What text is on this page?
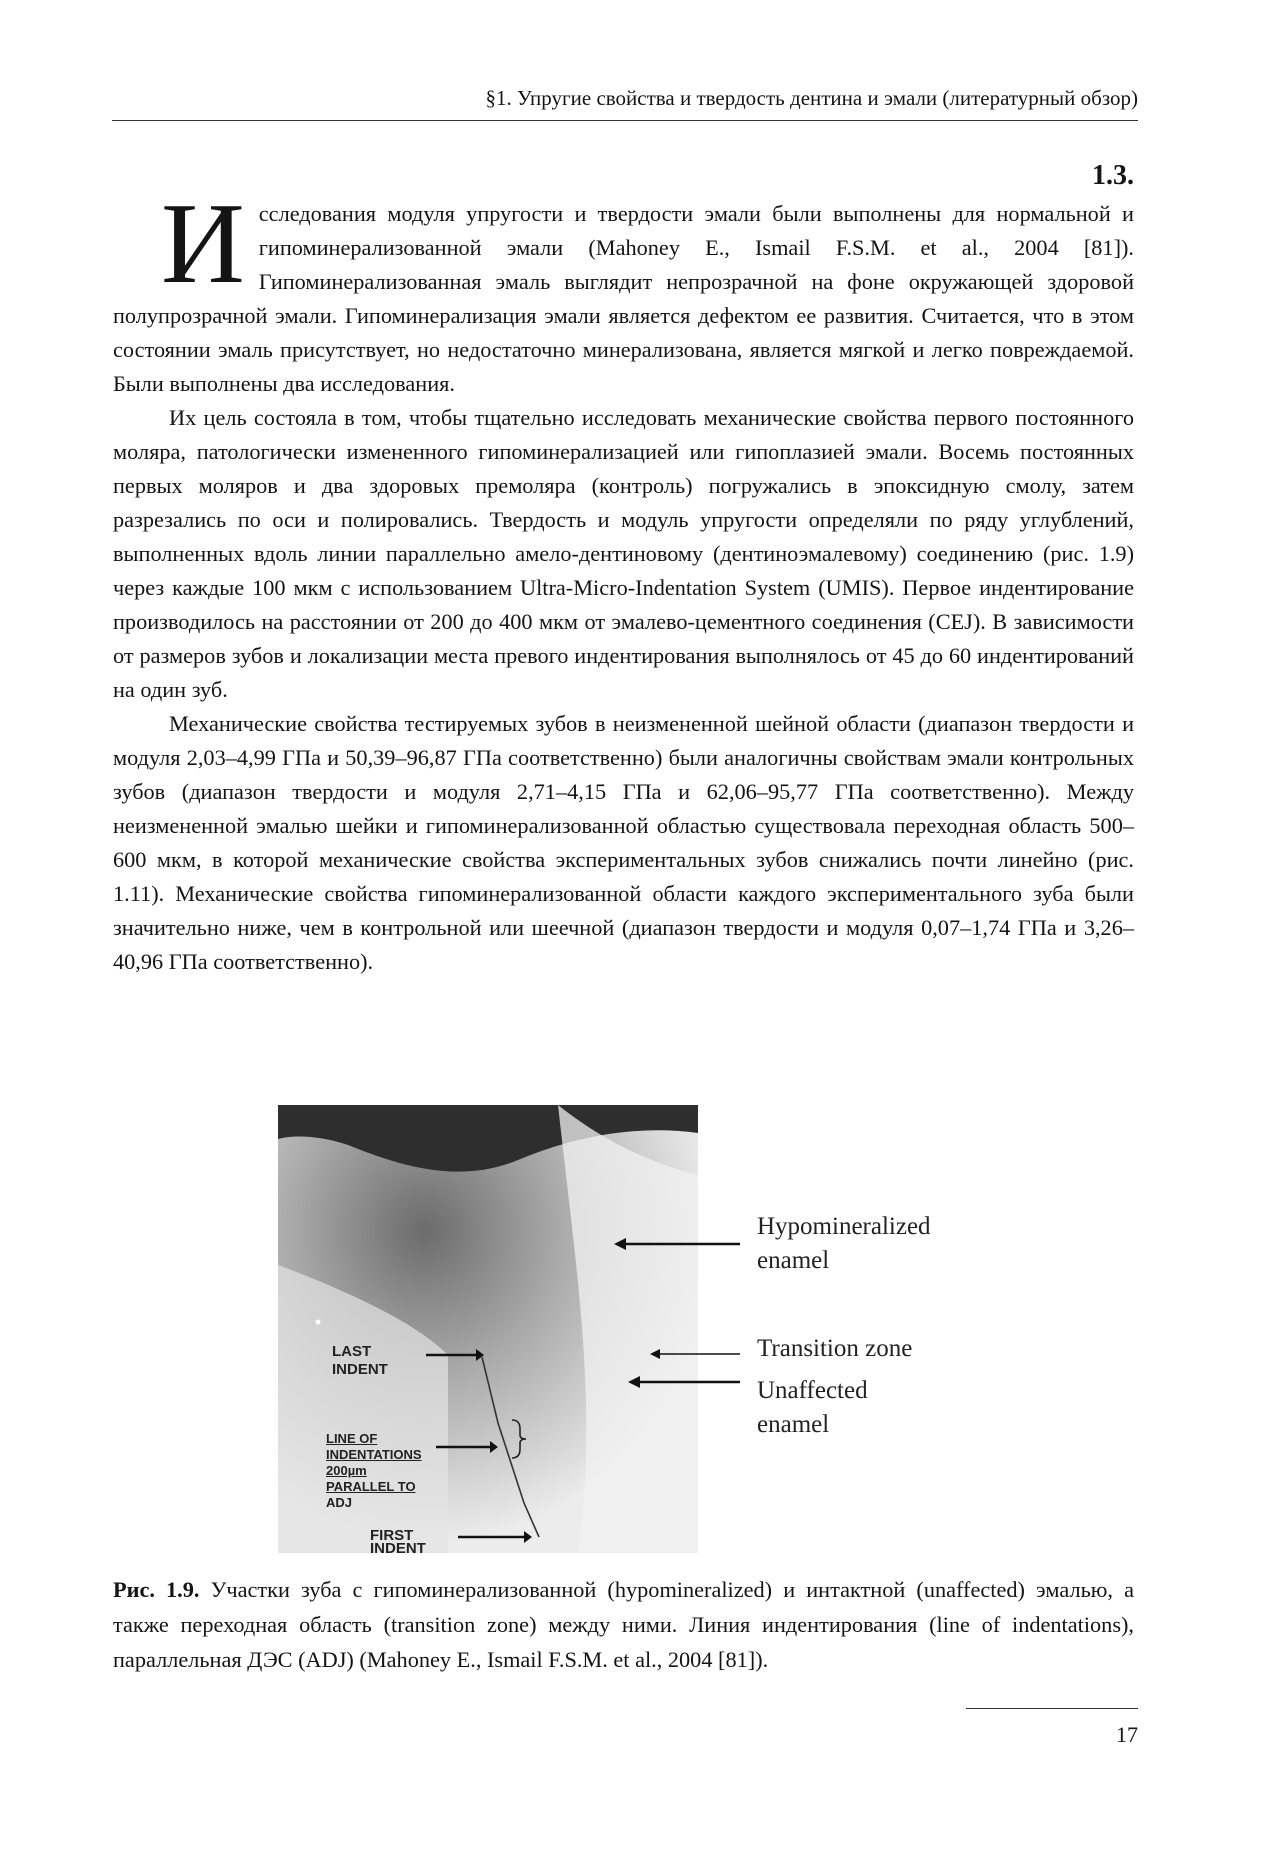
§1. Упругие свойства и твердость дентина и эмали (литературный обзор)
1.3.

Исследования модуля упругости и твердости эмали были выполнены для нормальной и гипоминерализованной эмали (Mahoney E., Ismail F.S.M. et al., 2004 [81]). Гипоминерализованная эмаль выглядит непрозрачной на фоне окружающей здоровой полупрозрачной эмали. Гипоминерализация эмали является дефектом ее развития. Считается, что в этом состоянии эмаль присутствует, но недостаточно минерализована, является мягкой и легко повреждаемой. Были выполнены два исследования.

Их цель состояла в том, чтобы тщательно исследовать механические свойства первого постоянного моляра, патологически измененного гипоминерализацией или гипоплазией эмали. Восемь постоянных первых моляров и два здоровых премоляра (контроль) погружались в эпоксидную смолу, затем разрезались по оси и полировались. Твердость и модуль упругости определяли по ряду углублений, выполненных вдоль линии параллельно амело-дентиновому (дентиноэмалевому) соединению (рис. 1.9) через каждые 100 мкм с использованием Ultra-Micro-Indentation System (UMIS). Первое индентирование производилось на расстоянии от 200 до 400 мкм от эмалево-цементного соединения (CEJ). В зависимости от размеров зубов и локализации места превого индентирования выполнялось от 45 до 60 индентирований на один зуб.

Механические свойства тестируемых зубов в неизмененной шейной области (диапазон твердости и модуля 2,03–4,99 ГПа и 50,39–96,87 ГПа соответственно) были аналогичны свойствам эмали контрольных зубов (диапазон твердости и модуля 2,71–4,15 ГПа и 62,06–95,77 ГПа соответственно). Между неизмененной эмалью шейки и гипоминерализованной областью существовала переходная область 500–600 мкм, в которой механические свойства экспериментальных зубов снижались почти линейно (рис. 1.11). Механические свойства гипоминерализованной области каждого экспериментального зуба были значительно ниже, чем в контрольной или шеечной (диапазон твердости и модуля 0,07–1,74 ГПа и 3,26–40,96 ГПа соответственно).

LAST
INDENT
LINE OF
INDENTATIONS
200µm
PARALLEL TO
ADJ
FIRST
INDENT
Hypomineralized
enamel
Transition zone
Unaffected
enamel
Рис. 1.9. Участки зуба с гипоминерализованной (hypomineralized) и интактной (unaffected) эмалью, а также переходная область (transition zone) между ними. Линия индентирования (line of indentations), параллельная ДЭС (ADJ) (Mahoney E., Ismail F.S.M. et al., 2004 [81]).
17
